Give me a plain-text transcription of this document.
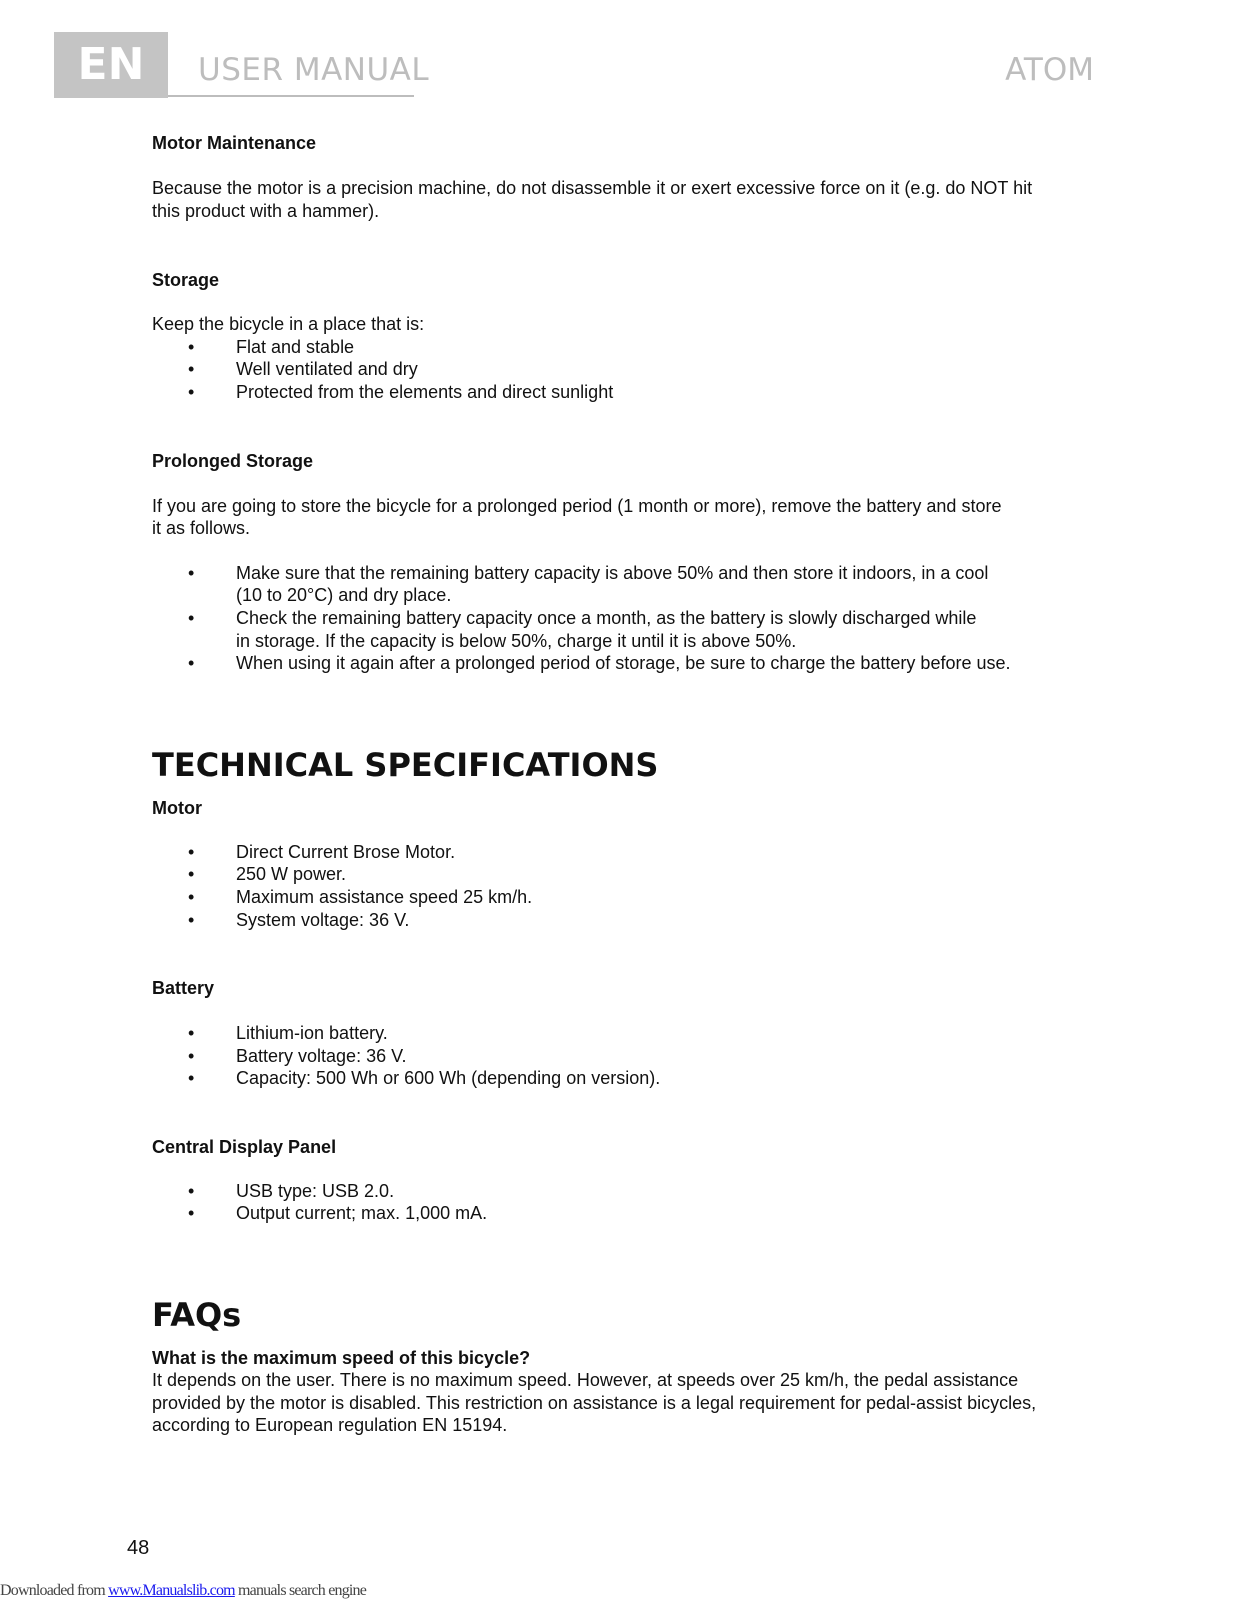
EN	USER MANUAL	ATOM

Motor Maintenance

Because the motor is a precision machine, do not disassemble it or exert excessive force on it (e.g. do NOT hit

this product with a hammer).

Storage

Keep the bicycle in a place that is:

• Flat and stable
• Well ventilated and dry
• Protected from the elements and direct sunlight

Prolonged Storage

If you are going to store the bicycle for a prolonged period (1 month or more), remove the battery and store

it as follows.

• Make sure that the remaining battery capacity is above 50% and then store it indoors, in a cool
(10 to 20°C) and dry place.
• Check the remaining battery capacity once a month, as the battery is slowly discharged while
in storage. If the capacity is below 50%, charge it until it is above 50%.
• When using it again after a prolonged period of storage, be sure to charge the battery before use.

TECHNICAL SPECIFICATIONS

Motor

• Direct Current Brose Motor.
• 250 W power.
• Maximum assistance speed 25 km/h.
• System voltage: 36 V.

Battery

• Lithium-ion battery.
• Battery voltage: 36 V.
• Capacity: 500 Wh or 600 Wh (depending on version).

Central Display Panel

• USB type: USB 2.0.
• Output current; max. 1,000 mA.

FAQs

What is the maximum speed of this bicycle?

It depends on the user. There is no maximum speed. However, at speeds over 25 km/h, the pedal assistance

provided by the motor is disabled. This restriction on assistance is a legal requirement for pedal-assist bicycles,

according to European regulation EN 15194.

48
Downloaded from www.Manualslib.com manuals search engine
